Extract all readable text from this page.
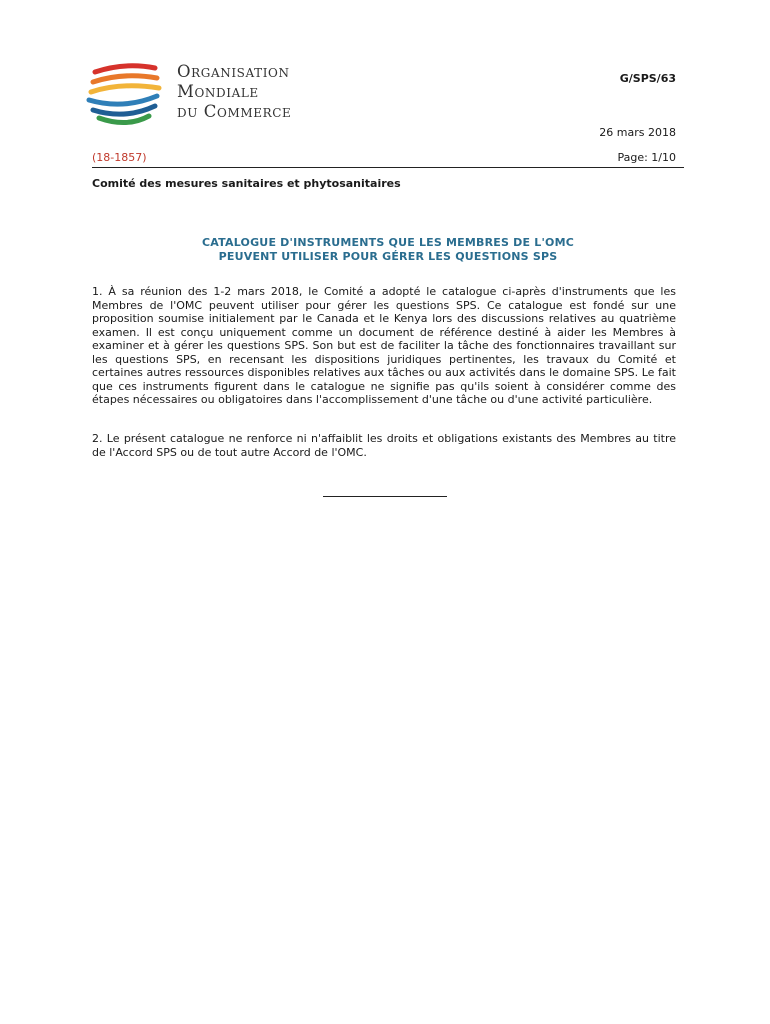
Organisation
Mondiale
du Commerce
G/SPS/63
26 mars 2018
(18-1857)	Page: 1/10
Comité des mesures sanitaires et phytosanitaires
CATALOGUE D'INSTRUMENTS QUE LES MEMBRES DE L'OMC
PEUVENT UTILISER POUR GÉRER LES QUESTIONS SPS
1. À sa réunion des 1-2 mars 2018, le Comité a adopté le catalogue ci-après d'instruments que les Membres de l'OMC peuvent utiliser pour gérer les questions SPS. Ce catalogue est fondé sur une proposition soumise initialement par le Canada et le Kenya lors des discussions relatives au quatrième examen. Il est conçu uniquement comme un document de référence destiné à aider les Membres à examiner et à gérer les questions SPS. Son but est de faciliter la tâche des fonctionnaires travaillant sur les questions SPS, en recensant les dispositions juridiques pertinentes, les travaux du Comité et certaines autres ressources disponibles relatives aux tâches ou aux activités dans le domaine SPS. Le fait que ces instruments figurent dans le catalogue ne signifie pas qu'ils soient à considérer comme des étapes nécessaires ou obligatoires dans l'accomplissement d'une tâche ou d'une activité particulière.
2. Le présent catalogue ne renforce ni n'affaiblit les droits et obligations existants des Membres au titre de l'Accord SPS ou de tout autre Accord de l'OMC.
